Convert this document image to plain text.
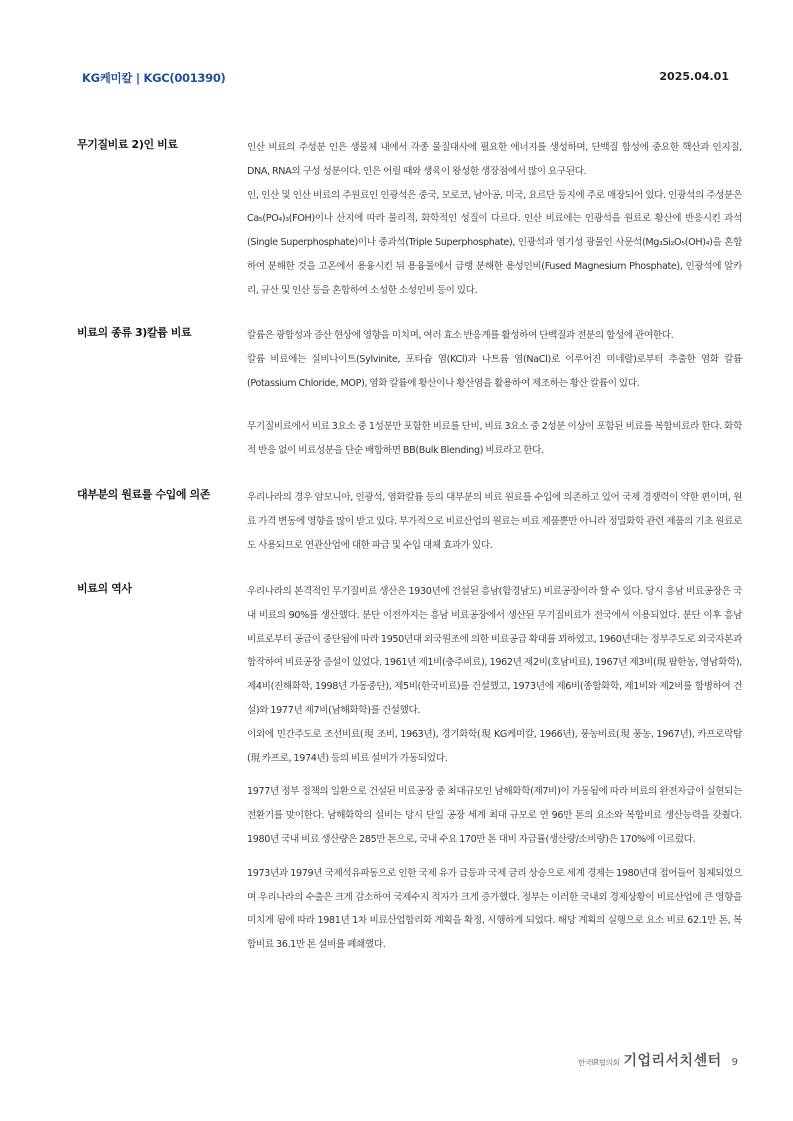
KG케미칼 | KGC(001390)	2025.04.01
무기질비료 2)인 비료	인산 비료의 주성분 인은 생물체 내에서 각종 물질대사에 필요한 에너지를 생성하며, 단백질 합성에 중요한 핵산과 인지질, DNA, RNA의 구성 성분이다. 인은 어릴 때와 생육이 왕성한 생장점에서 많이 요구된다.

인, 인산 및 인산 비료의 주원료인 인광석은 중국, 모로코, 남아공, 미국, 요르단 등지에 주로 매장되어 있다. 인광석의 주성분은 Ca₅(PO₄)₃(FOH)이나 산지에 따라 물리적, 화학적인 성질이 다르다. 인산 비료에는 인광석을 원료로 황산에 반응시킨 과석(Single Superphosphate)이나 중과석(Triple Superphosphate), 인광석과 염기성 광물인 사문석(Mg₃Si₂O₅(OH)₄)을 혼합하여 분해한 것을 고온에서 용융시킨 뒤 용융물에서 급랭 분해한 용성인비(Fused Magnesium Phosphate), 인광석에 알카리, 규산 및 인산 등을 혼합하여 소성한 소성인비 등이 있다.

비료의 종류 3)칼륨 비료	칼륨은 광합성과 증산 현상에 영향을 미치며, 여러 효소 반응계를 활성하여 단백질과 전분의 합성에 관여한다.

칼륨 비료에는 실비나이트(Sylvinite, 포타슘 염(KCl)과 나트륨 염(NaCl)로 이루어진 미네랄)로부터 추출한 염화 칼륨(Potassium Chloride, MOP), 염화 칼륨에 황산이나 황산염을 활용하여 제조하는 황산 칼륨이 있다.

무기질비료에서 비료 3요소 중 1성분만 포함한 비료를 단비, 비료 3요소 중 2성분 이상이 포함된 비료를 복합비료라 한다. 화학적 반응 없이 비료성분을 단순 배합하면 BB(Bulk Blending) 비료라고 한다.

대부분의 원료를 수입에 의존	우리나라의 경우 암모니아, 인광석, 염화칼륨 등의 대부분의 비료 원료를 수입에 의존하고 있어 국제 경쟁력이 약한 편이며, 원료 가격 변동에 영향을 많이 받고 있다. 부가적으로 비료산업의 원료는 비료 제품뿐만 아니라 정밀화학 관련 제품의 기초 원료로도 사용되므로 연관산업에 대한 파급 및 수입 대체 효과가 있다.

비료의 역사	우리나라의 본격적인 무기질비료 생산은 1930년에 건설된 흥남(함경남도) 비료공장이라 할 수 있다. 당시 흥남 비료공장은 국내 비료의 90%를 생산했다. 분단 이전까지는 흥남 비료공장에서 생산된 무기질비료가 전국에서 이용되었다. 분단 이후 흥남 비료로부터 공급이 중단됨에 따라 1950년대 외국원조에 의한 비료공급 확대를 꾀하였고, 1960년대는 정부주도로 외국자본과 합작하여 비료공장 증설이 있었다. 1961년 제1비(충주비료), 1962년 제2비(호남비료), 1967년 제3비(現 팜한농, 영남화학), 제4비(진해화학, 1998년 가동중단), 제5비(한국비료)를 건설했고, 1973년에 제6비(종합화학, 제1비와 제2비를 합병하여 건설)와 1977년 제7비(남해화학)를 건설했다.

이외에 민간주도로 조선비료(現 조비, 1963년), 경기화학(現 KG케미칼, 1966년), 풍농비료(現 풍농, 1967년), 카프로락탐(現 카프로, 1974년) 등의 비료 설비가 가동되었다.

1977년 정부 정책의 일환으로 건설된 비료공장 중 최대규모인 남해화학(제7비)이 가동됨에 따라 비료의 완전자급이 실현되는 전환기를 맞이한다. 남해화학의 설비는 당시 단일 공장 세계 최대 규모로 연 96만 톤의 요소와 복합비료 생산능력을 갖췄다. 1980년 국내 비료 생산량은 285만 톤으로, 국내 수요 170만 톤 대비 자급률(생산량/소비량)은 170%에 이르렀다.

1973년과 1979년 국제석유파동으로 인한 국제 유가 급등과 국제 금리 상승으로 세계 경제는 1980년대 접어들어 침체되었으며 우리나라의 수출은 크게 감소하여 국제수지 적자가 크게 증가했다. 정부는 이러한 국내외 경제상황이 비료산업에 큰 영향을 미치게 됨에 따라 1981년 1차 비료산업합리화 계획을 확정, 시행하게 되었다. 해당 계획의 실행으로 요소 비료 62.1만 톤, 복합비료 36.1만 톤 설비를 폐쇄했다.

한국IR협의회 기업리서치센터 9
